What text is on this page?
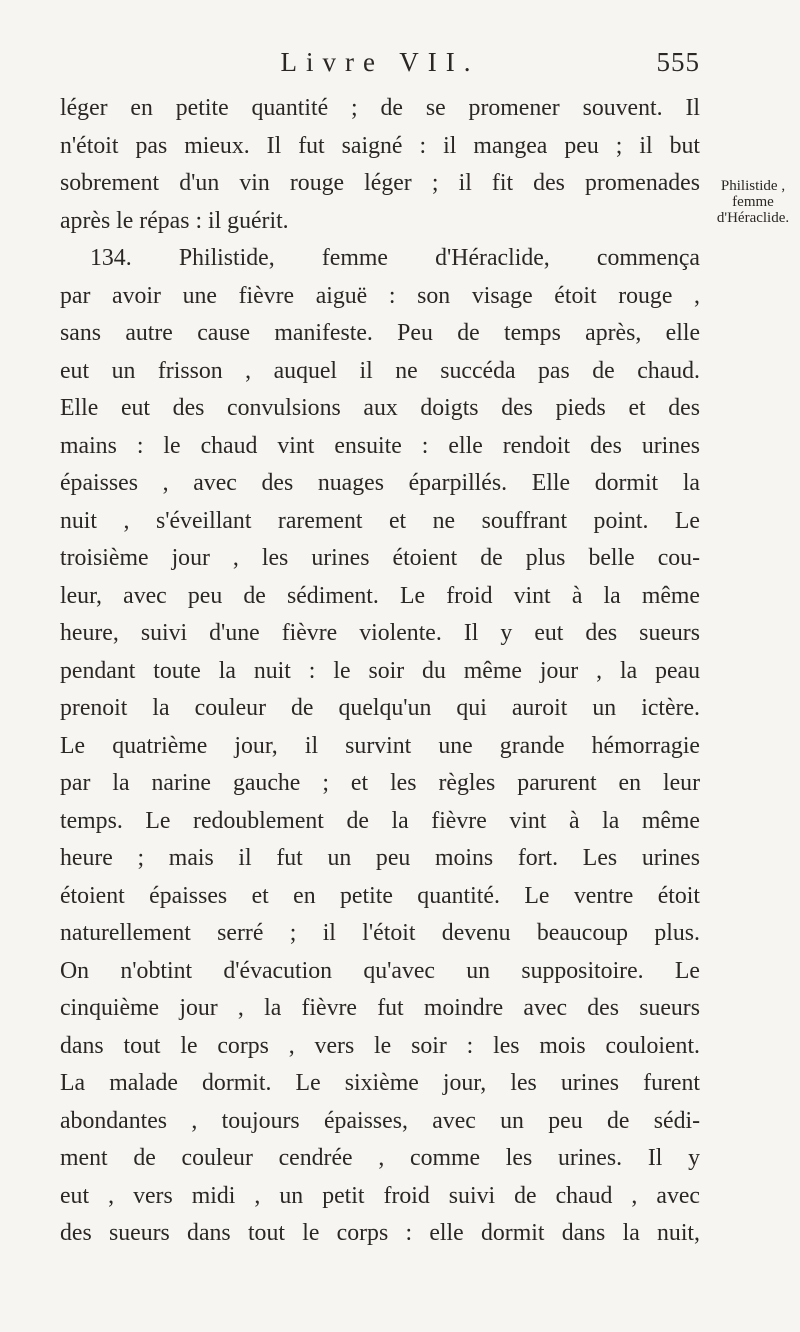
Livre VII.	555
Philistide ,
femme
d'Héraclide.
léger en petite quantité ; de se promener souvent. Il
n'étoit pas mieux. Il fut saigné : il mangea peu ; il but
sobrement d'un vin rouge léger ; il fit des promenades
après le répas : il guérit.
134. Philistide, femme d'Héraclide, commença
par avoir une fièvre aiguë : son visage étoit rouge ,
sans autre cause manifeste. Peu de temps après, elle
eut un frisson , auquel il ne succéda pas de chaud.
Elle eut des convulsions aux doigts des pieds et des
mains : le chaud vint ensuite : elle rendoit des urines
épaisses , avec des nuages éparpillés. Elle dormit la
nuit , s'éveillant rarement et ne souffrant point. Le
troisième jour , les urines étoient de plus belle cou-
leur, avec peu de sédiment. Le froid vint à la même
heure, suivi d'une fièvre violente. Il y eut des sueurs
pendant toute la nuit : le soir du même jour , la peau
prenoit la couleur de quelqu'un qui auroit un ictère.
Le quatrième jour, il survint une grande hémorragie
par la narine gauche ; et les règles parurent en leur
temps. Le redoublement de la fièvre vint à la même
heure ; mais il fut un peu moins fort. Les urines
étoient épaisses et en petite quantité. Le ventre étoit
naturellement serré ; il l'étoit devenu beaucoup plus.
On n'obtint d'évacution qu'avec un suppositoire. Le
cinquième jour , la fièvre fut moindre avec des sueurs
dans tout le corps , vers le soir : les mois couloient.
La malade dormit. Le sixième jour, les urines furent
abondantes , toujours épaisses, avec un peu de sédi-
ment de couleur cendrée , comme les urines. Il y
eut , vers midi , un petit froid suivi de chaud , avec
des sueurs dans tout le corps : elle dormit dans la nuit,
